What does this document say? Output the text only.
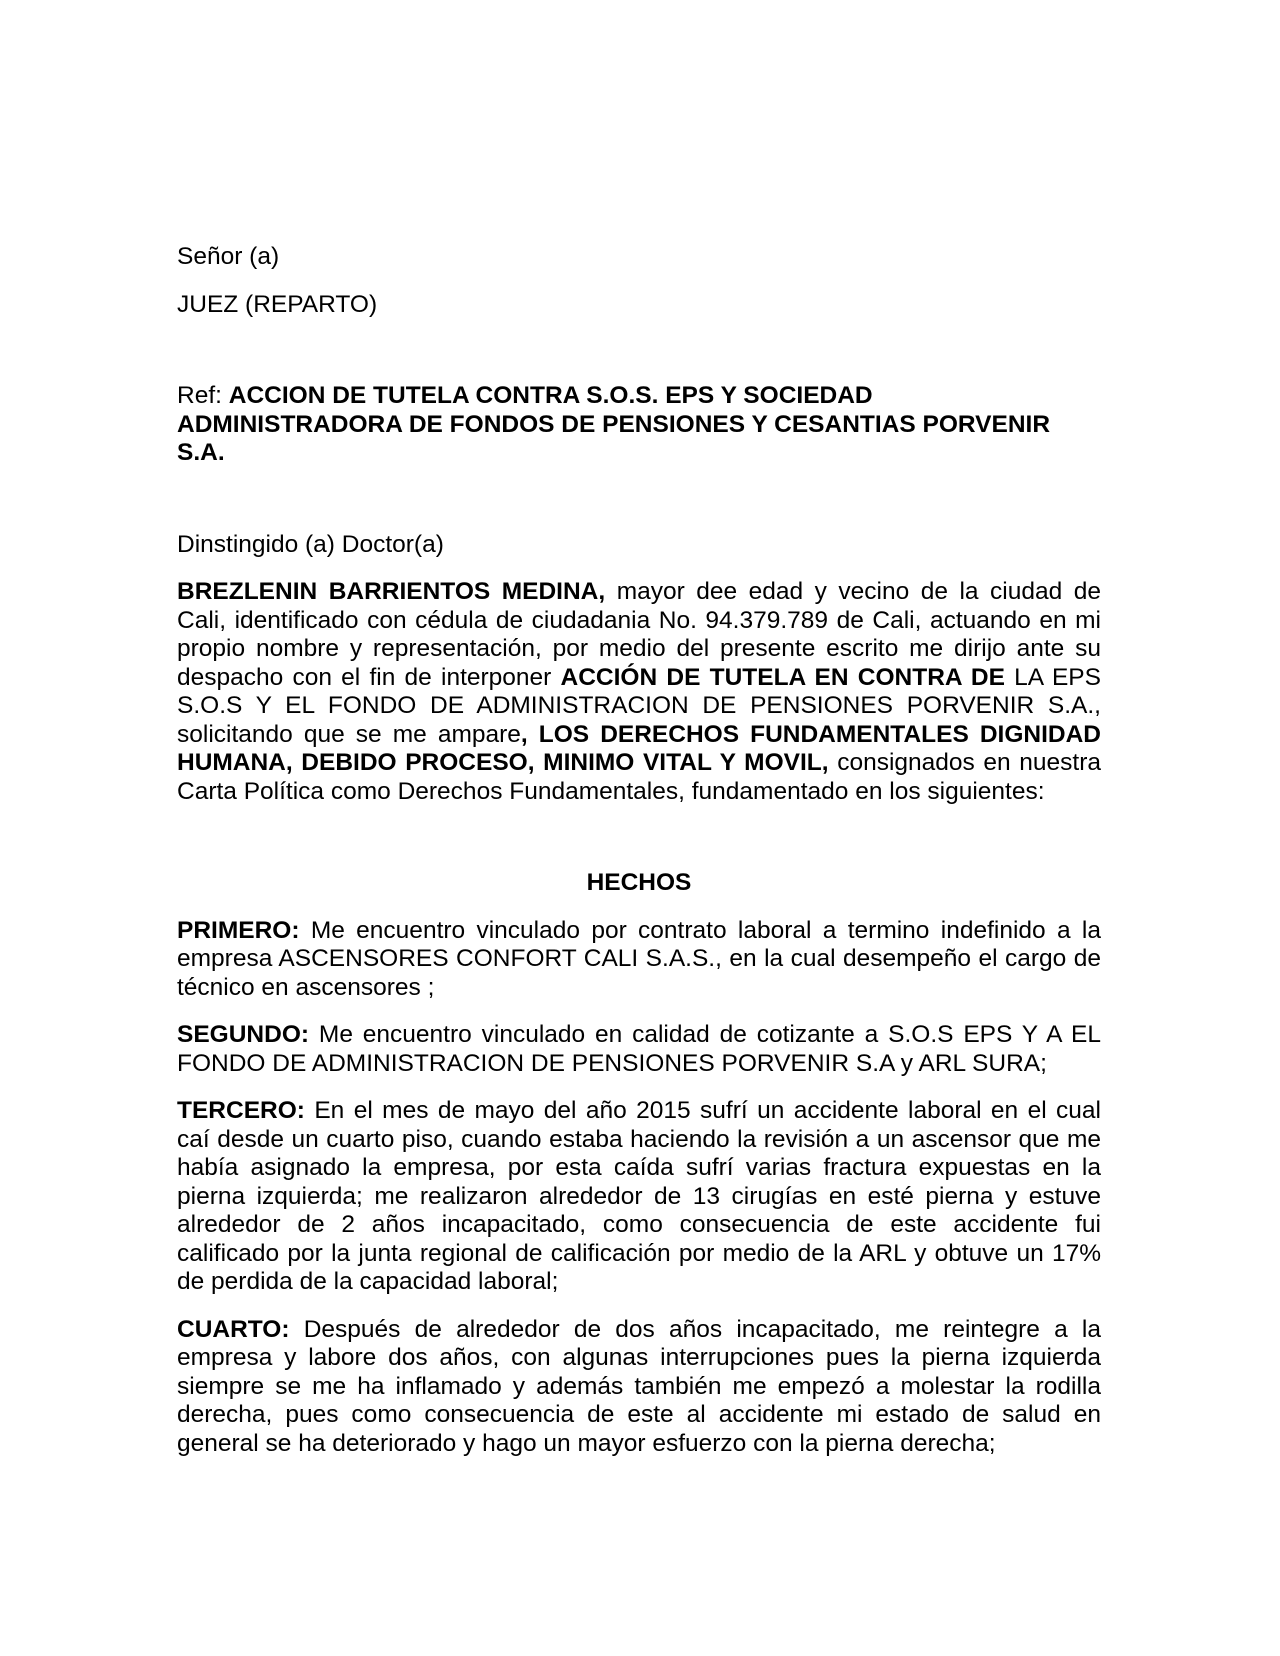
Señor (a)

JUEZ (REPARTO)

Ref: ACCION DE TUTELA CONTRA S.O.S. EPS Y SOCIEDAD ADMINISTRADORA DE FONDOS DE PENSIONES Y CESANTIAS PORVENIR S.A.

Dinstingido (a) Doctor(a)

BREZLENIN BARRIENTOS MEDINA, mayor dee edad y vecino de la ciudad de Cali, identificado con cédula de ciudadania No. 94.379.789 de Cali, actuando en mi propio nombre y representación, por medio del presente escrito me dirijo ante su despacho con el fin de interponer ACCIÓN DE TUTELA EN CONTRA DE LA EPS S.O.S Y EL FONDO DE ADMINISTRACION DE PENSIONES PORVENIR S.A., solicitando que se me ampare, LOS DERECHOS FUNDAMENTALES DIGNIDAD HUMANA, DEBIDO PROCESO, MINIMO VITAL Y MOVIL, consignados en nuestra Carta Política como Derechos Fundamentales, fundamentado en los siguientes:

HECHOS

PRIMERO: Me encuentro vinculado por contrato laboral a termino indefinido a la empresa ASCENSORES CONFORT CALI S.A.S., en la cual desempeño el cargo de técnico en ascensores ;

SEGUNDO: Me encuentro vinculado en calidad de cotizante a S.O.S EPS Y A EL FONDO DE ADMINISTRACION DE PENSIONES PORVENIR S.A y ARL SURA;

TERCERO: En el mes de mayo del año 2015 sufrí un accidente laboral en el cual caí desde un cuarto piso, cuando estaba haciendo la revisión a un ascensor que me había asignado la empresa, por esta caída sufrí varias fractura expuestas en la pierna izquierda; me realizaron alrededor de 13 cirugías en esté pierna y estuve alrededor de 2 años incapacitado, como consecuencia de este accidente fui calificado por la junta regional de calificación por medio de la ARL y obtuve un 17% de perdida de la capacidad laboral;

CUARTO: Después de alrededor de dos años incapacitado, me reintegre a la empresa y labore dos años, con algunas interrupciones pues la pierna izquierda siempre se me ha inflamado y además también me empezó a molestar la rodilla derecha, pues como consecuencia de este al accidente mi estado de salud en general se ha deteriorado y hago un mayor esfuerzo con la pierna derecha;
